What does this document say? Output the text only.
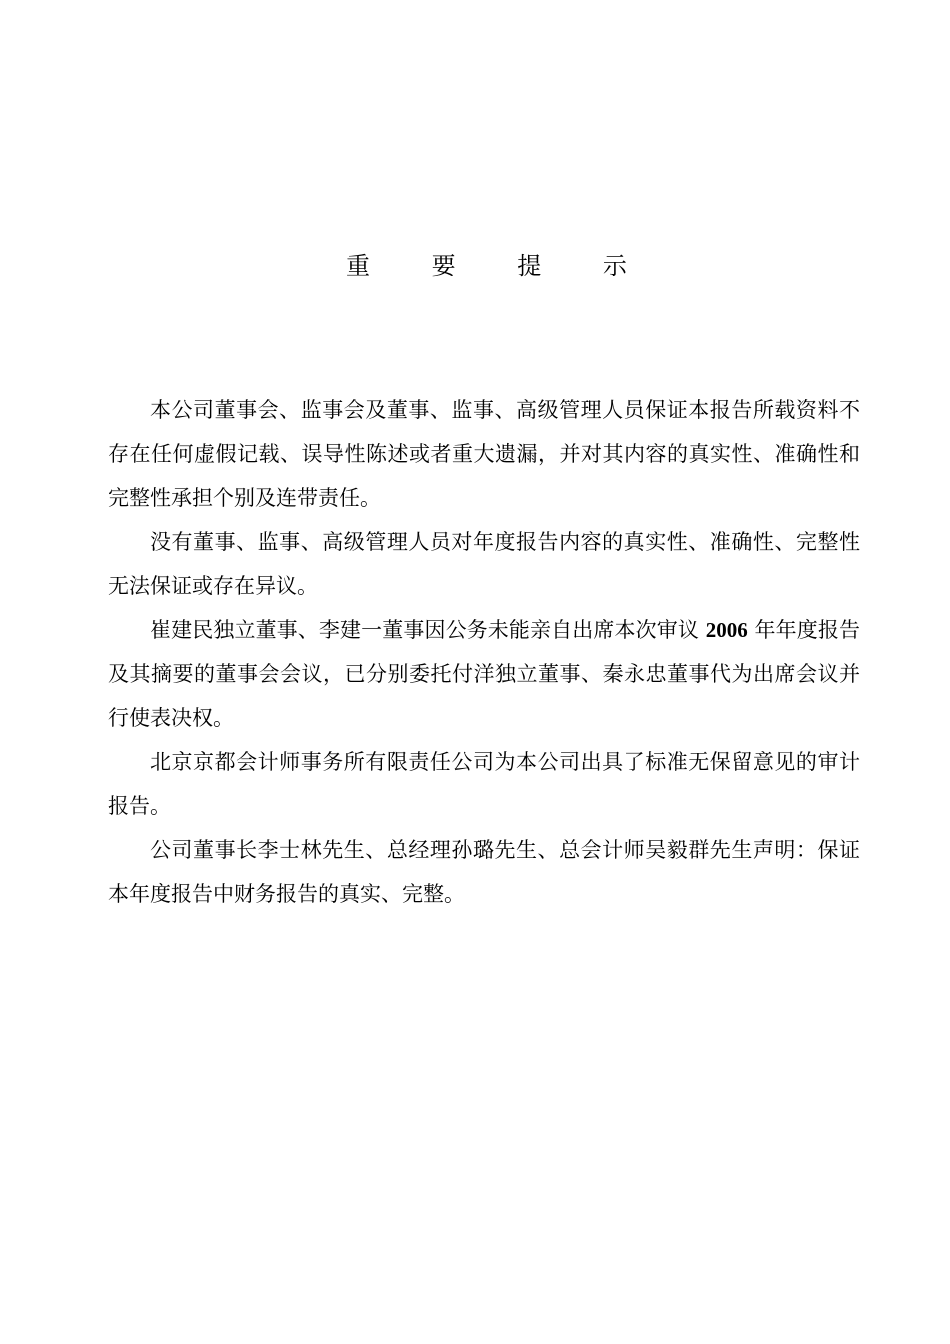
重 要 提 示

本公司董事会、监事会及董事、监事、高级管理人员保证本报告所载资料不存在任何虚假记载、误导性陈述或者重大遗漏，并对其内容的真实性、准确性和完整性承担个别及连带责任。

没有董事、监事、高级管理人员对年度报告内容的真实性、准确性、完整性无法保证或存在异议。

崔建民独立董事、李建一董事因公务未能亲自出席本次审议 2006 年年度报告及其摘要的董事会会议，已分别委托付洋独立董事、秦永忠董事代为出席会议并行使表决权。

北京京都会计师事务所有限责任公司为本公司出具了标准无保留意见的审计报告。

公司董事长李士林先生、总经理孙璐先生、总会计师吴毅群先生声明：保证本年度报告中财务报告的真实、完整。
